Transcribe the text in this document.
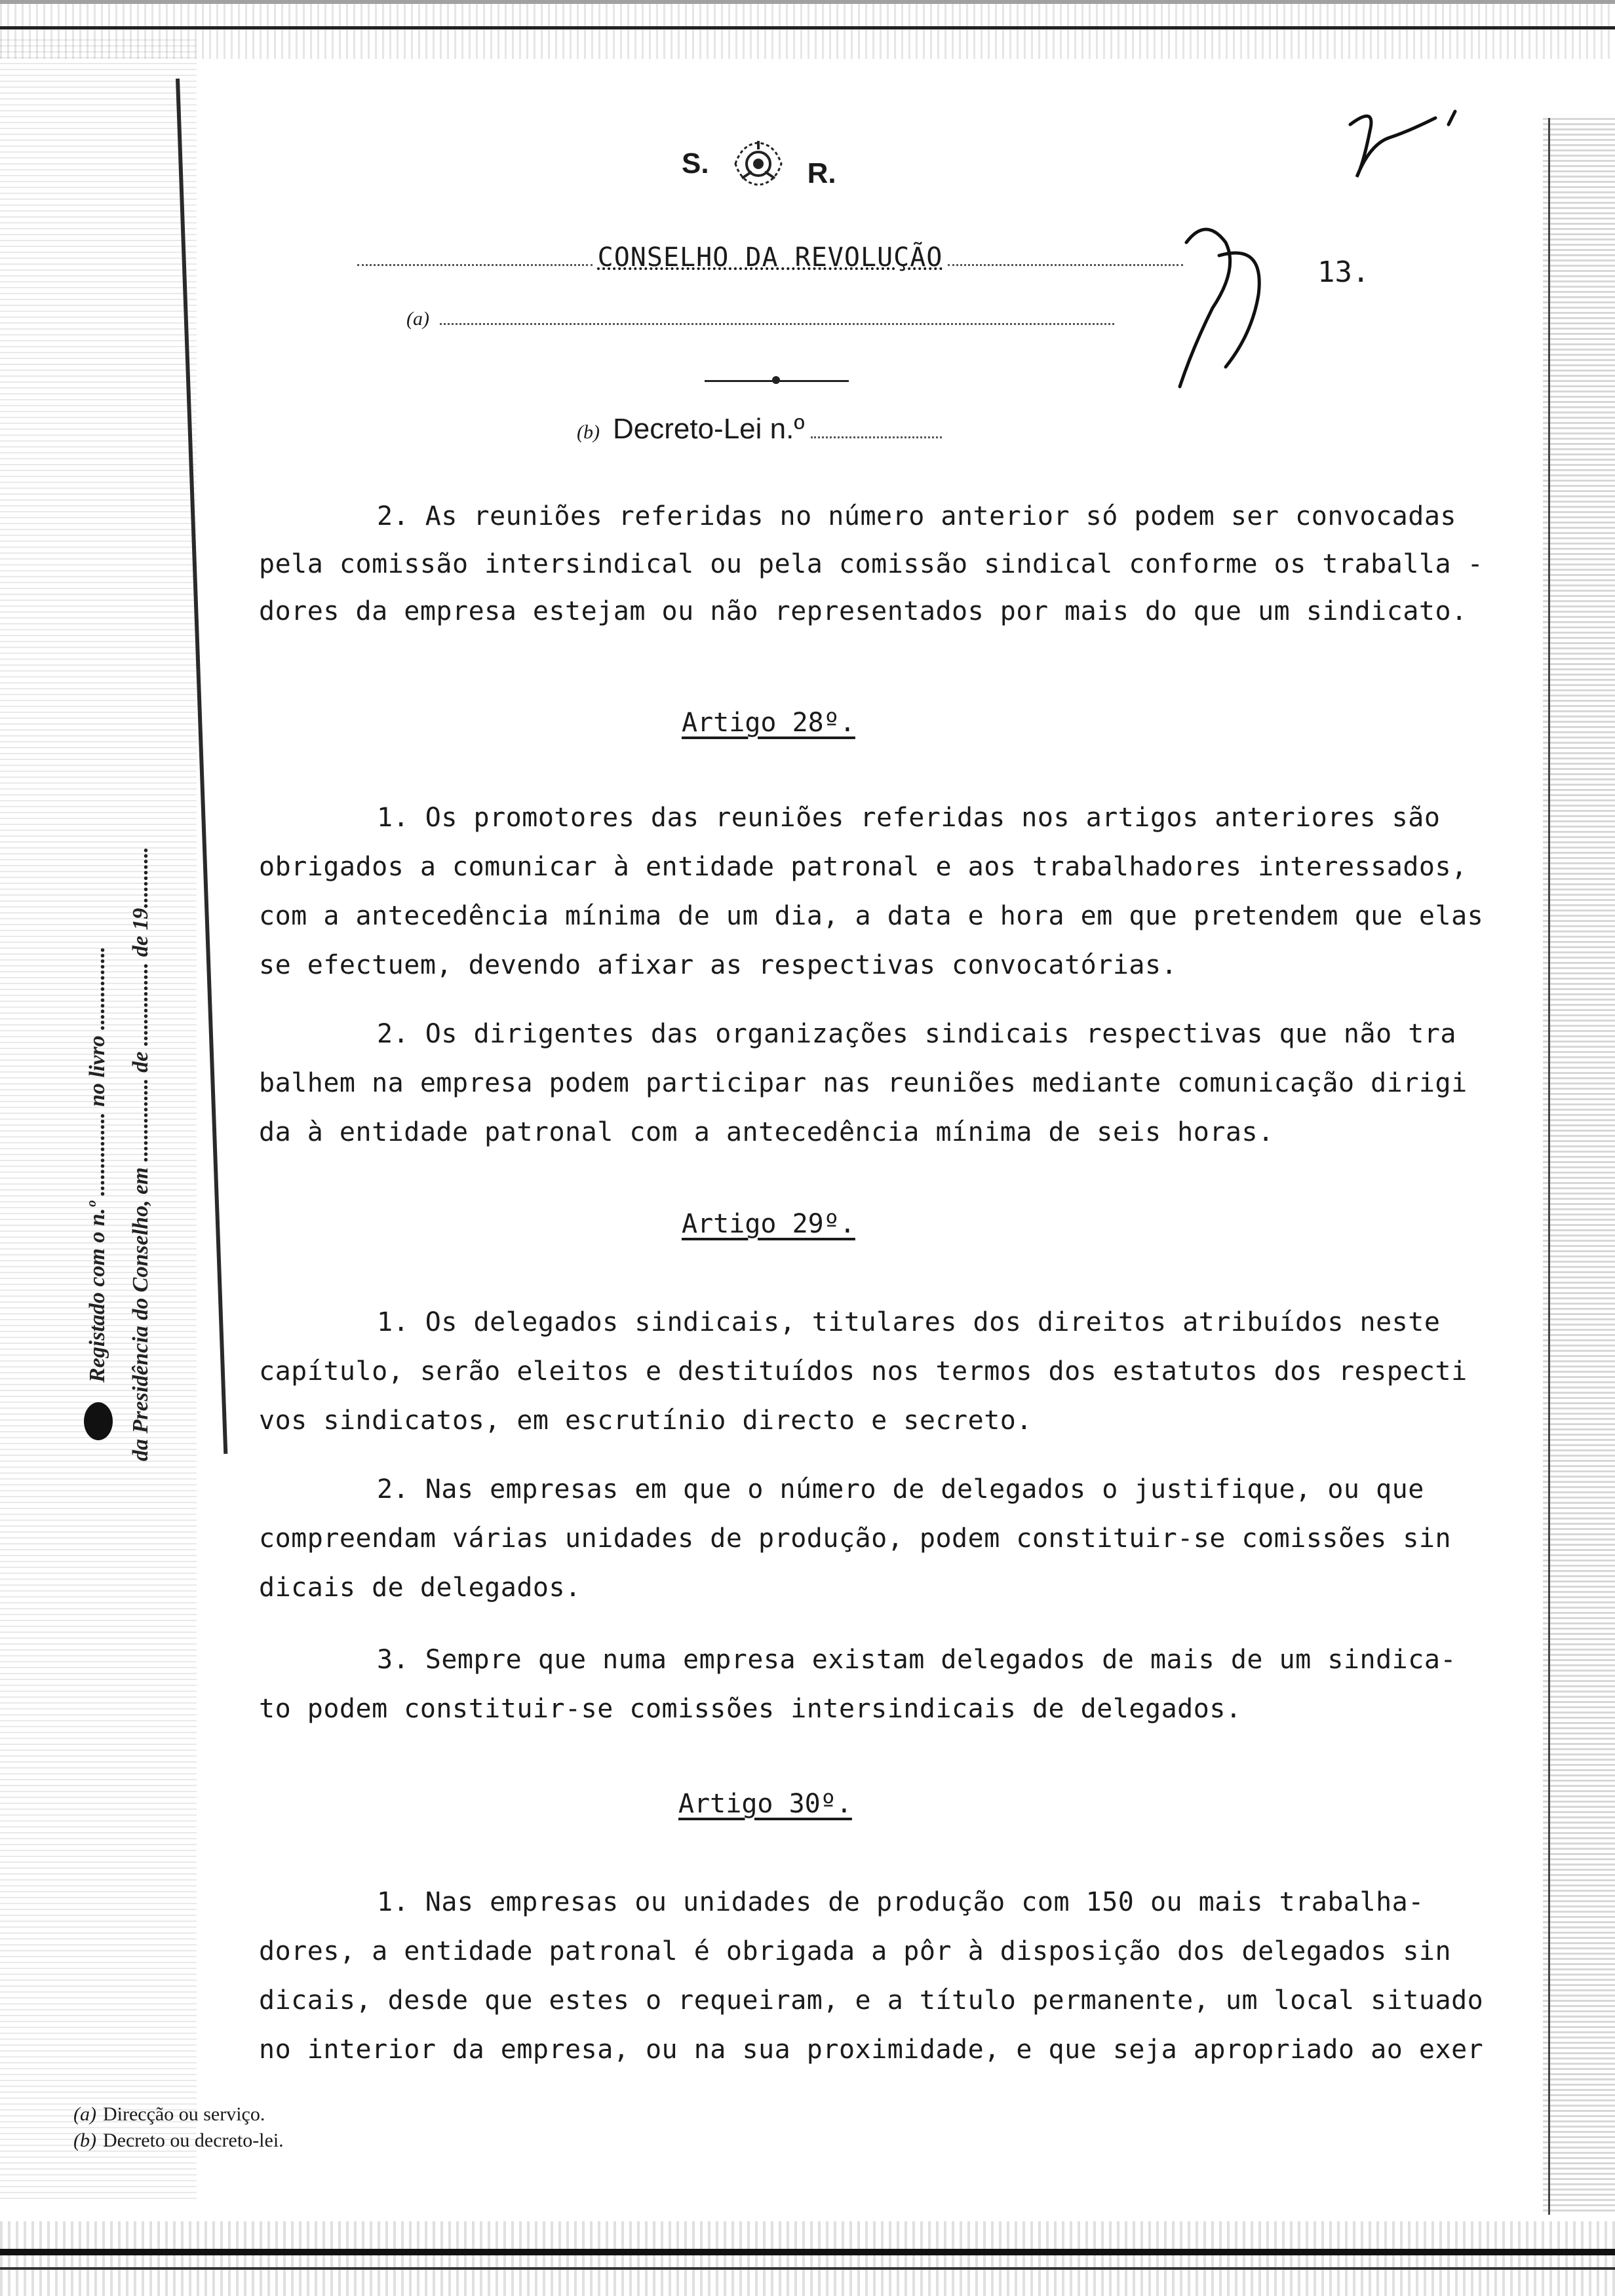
S.	R.
CONSELHO DA REVOLUÇÃO	13.
(a)
(b) Decreto-Lei n.º
Registado com o n.º ............... no livro ............... da Presidência do Conselho, em ............... de ............... de 19...........
2. As reuniões referidas no número anterior só podem ser convocadas
pela comissão intersindical ou pela comissão sindical conforme os traballa -
dores da empresa estejam ou não representados por mais do que um sindicato.
Artigo 28º.
1. Os promotores das reuniões referidas nos artigos anteriores são
obrigados a comunicar à entidade patronal e aos trabalhadores interessados,
com a antecedência mínima de um dia, a data e hora em que pretendem que elas
se efectuem, devendo afixar as respectivas convocatórias.
2. Os dirigentes das organizações sindicais respectivas que não tra
balhem na empresa podem participar nas reuniões mediante comunicação dirigi
da à entidade patronal com a antecedência mínima de seis horas.
Artigo 29º.
1. Os delegados sindicais, titulares dos direitos atribuídos neste
capítulo, serão eleitos e destituídos nos termos dos estatutos dos respecti
vos sindicatos, em escrutínio directo e secreto.
2. Nas empresas em que o número de delegados o justifique, ou que
compreendam várias unidades de produção, podem constituir-se comissões sin
dicais de delegados.
3. Sempre que numa empresa existam delegados de mais de um sindica-
to podem constituir-se comissões intersindicais de delegados.
Artigo 30º.
1. Nas empresas ou unidades de produção com 150 ou mais trabalha-
dores, a entidade patronal é obrigada a pôr à disposição dos delegados sin
dicais, desde que estes o requeiram, e a título permanente, um local situado
no interior da empresa, ou na sua proximidade, e que seja apropriado ao exer
(a) Direcção ou serviço.
(b) Decreto ou decreto-lei.
